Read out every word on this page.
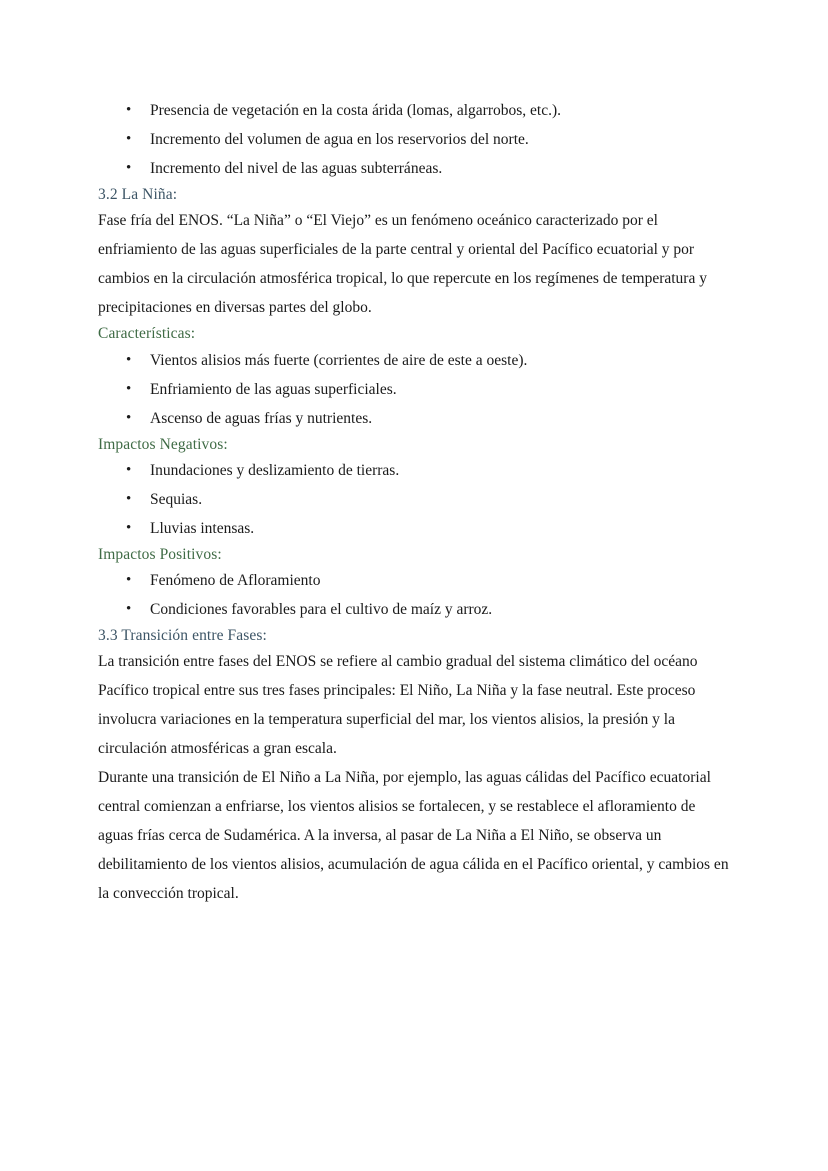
• Presencia de vegetación en la costa árida (lomas, algarrobos, etc.).
• Incremento del volumen de agua en los reservorios del norte.
• Incremento del nivel de las aguas subterráneas.
3.2 La Niña:

Fase fría del ENOS. “La Niña” o “El Viejo” es un fenómeno oceánico caracterizado por el enfriamiento de las aguas superficiales de la parte central y oriental del Pacífico ecuatorial y por cambios en la circulación atmosférica tropical, lo que repercute en los regímenes de temperatura y precipitaciones en diversas partes del globo.

Características:
• Vientos alisios más fuerte (corrientes de aire de este a oeste).
• Enfriamiento de las aguas superficiales.
• Ascenso de aguas frías y nutrientes.
Impactos Negativos:
• Inundaciones y deslizamiento de tierras.
• Sequias.
• Lluvias intensas.
Impactos Positivos:
• Fenómeno de Afloramiento
• Condiciones favorables para el cultivo de maíz y arroz.
3.3 Transición entre Fases:

La transición entre fases del ENOS se refiere al cambio gradual del sistema climático del océano Pacífico tropical entre sus tres fases principales: El Niño, La Niña y la fase neutral. Este proceso involucra variaciones en la temperatura superficial del mar, los vientos alisios, la presión y la circulación atmosféricas a gran escala.

Durante una transición de El Niño a La Niña, por ejemplo, las aguas cálidas del Pacífico ecuatorial central comienzan a enfriarse, los vientos alisios se fortalecen, y se restablece el afloramiento de aguas frías cerca de Sudamérica. A la inversa, al pasar de La Niña a El Niño, se observa un debilitamiento de los vientos alisios, acumulación de agua cálida en el Pacífico oriental, y cambios en la convección tropical.
